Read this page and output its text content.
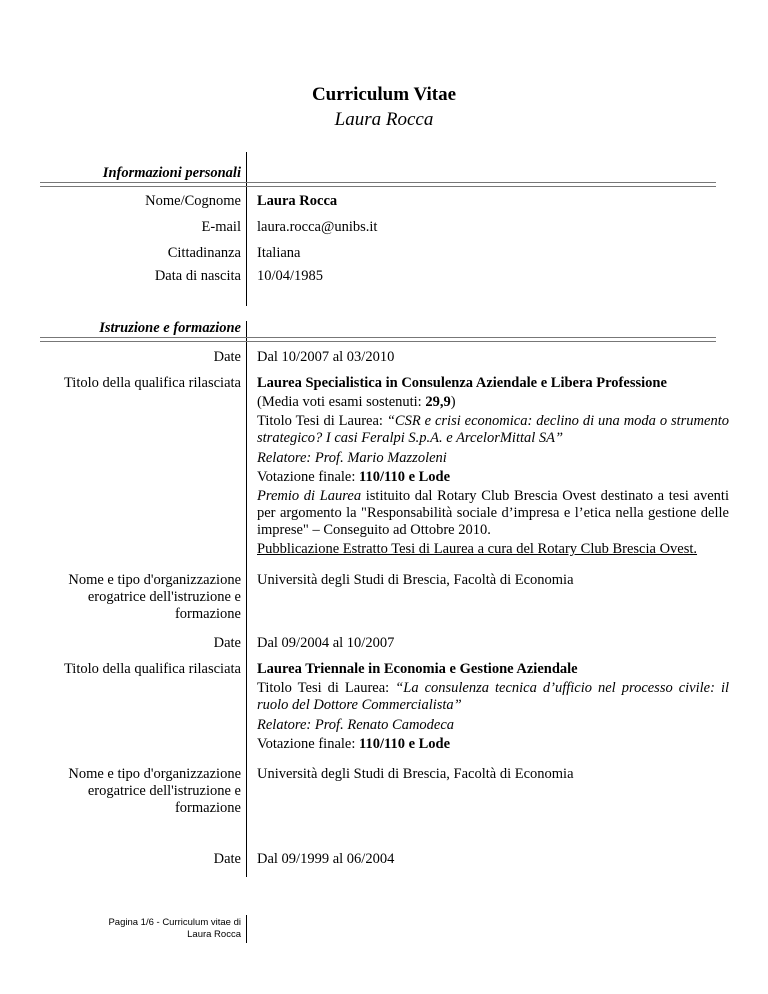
Curriculum Vitae
Laura Rocca
Informazioni personali
Nome/Cognome Laura Rocca
E-mail laura.rocca@unibs.it
Cittadinanza Italiana
Data di nascita 10/04/1985
Istruzione e formazione
Date Dal 10/2007 al 03/2010
Titolo della qualifica rilasciata Laurea Specialistica in Consulenza Aziendale e Libera Professione
(Media voti esami sostenuti: 29,9)
Titolo Tesi di Laurea: “CSR e crisi economica: declino di una moda o strumento strategico? I casi Feralpi S.p.A. e ArcelorMittal SA”
Relatore: Prof. Mario Mazzoleni
Votazione finale: 110/110 e Lode
Premio di Laurea istituito dal Rotary Club Brescia Ovest destinato a tesi aventi per argomento la "Responsabilità sociale d’impresa e l’etica nella gestione delle imprese" – Conseguito ad Ottobre 2010.
Pubblicazione Estratto Tesi di Laurea a cura del Rotary Club Brescia Ovest.
Nome e tipo d'organizzazione erogatrice dell'istruzione e formazione
Università degli Studi di Brescia, Facoltà di Economia
Date Dal 09/2004 al 10/2007
Titolo della qualifica rilasciata Laurea Triennale in Economia e Gestione Aziendale
Titolo Tesi di Laurea: “La consulenza tecnica d’ufficio nel processo civile: il ruolo del Dottore Commercialista”
Relatore: Prof. Renato Camodeca
Votazione finale: 110/110 e Lode
Nome e tipo d'organizzazione erogatrice dell'istruzione e formazione
Università degli Studi di Brescia, Facoltà di Economia
Date Dal 09/1999 al 06/2004
Pagina 1/6 - Curriculum vitae di
Laura Rocca
